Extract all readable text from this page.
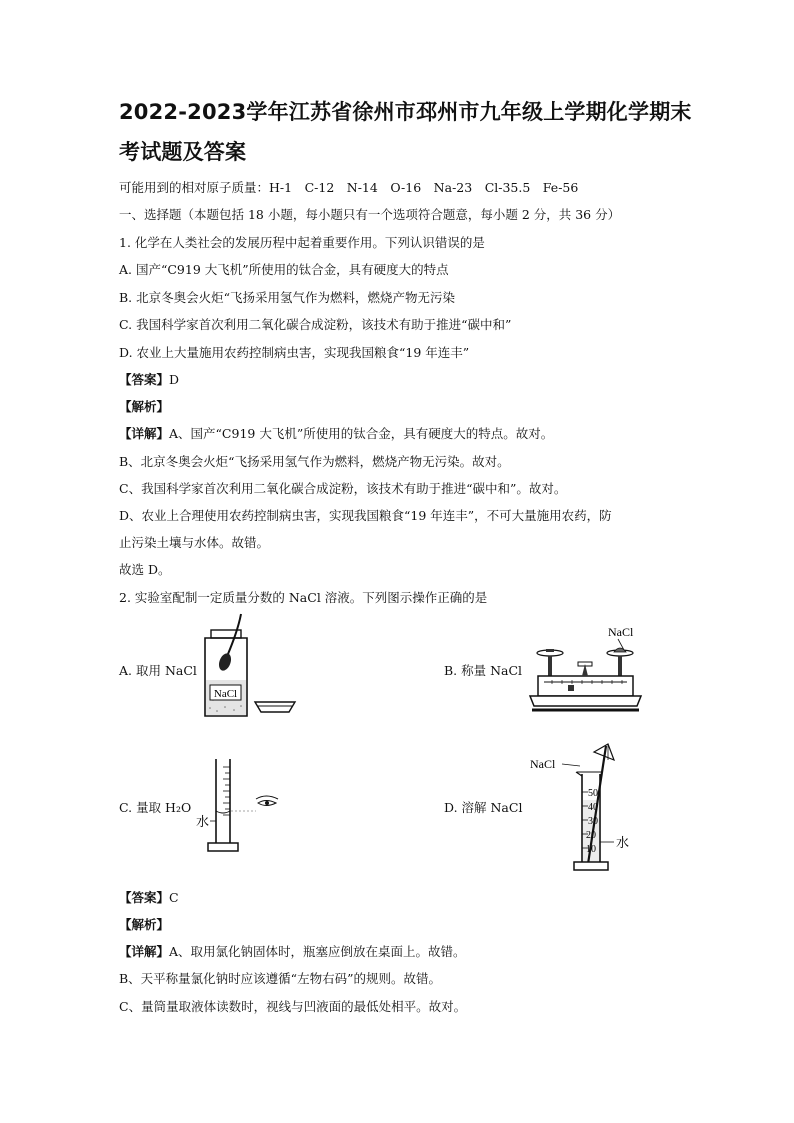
2022-2023学年江苏省徐州市邳州市九年级上学期化学期末
考试题及答案
可能用到的相对原子质量：H-1　C-12　N-14　O-16　Na-23　Cl-35.5　Fe-56
一、选择题（本题包括 18 小题，每小题只有一个选项符合题意，每小题 2 分，共 36 分）
1. 化学在人类社会的发展历程中起着重要作用。下列认识错误的是
A. 国产“C919 大飞机”所使用的钛合金，具有硬度大的特点
B. 北京冬奥会火炬“飞扬采用氢气作为燃料，燃烧产物无污染
C. 我国科学家首次利用二氧化碳合成淀粉，该技术有助于推进“碳中和”
D. 农业上大量施用农药控制病虫害，实现我国粮食“19 年连丰”
【答案】D
【解析】
【详解】A、国产“C919 大飞机”所使用的钛合金，具有硬度大的特点。故对。
B、北京冬奥会火炬“飞扬采用氢气作为燃料，燃烧产物无污染。故对。
C、我国科学家首次利用二氧化碳合成淀粉，该技术有助于推进“碳中和”。故对。
D、农业上合理使用农药控制病虫害，实现我国粮食“19 年连丰”，不可大量施用农药，防
止污染土壤与水体。故错。
故选 D。
2. 实验室配制一定质量分数的 NaCl 溶液。下列图示操作正确的是
A. 取用 NaCl	B. 称量 NaCl
C. 量取 H₂O	D. 溶解 NaCl
NaCl
NaCl
水
NaCl
50
40
30
20
10 水
【答案】C
【解析】
【详解】A、取用氯化钠固体时，瓶塞应倒放在桌面上。故错。
B、天平称量氯化钠时应该遵循“左物右码”的规则。故错。
C、量筒量取液体读数时，视线与凹液面的最低处相平。故对。
